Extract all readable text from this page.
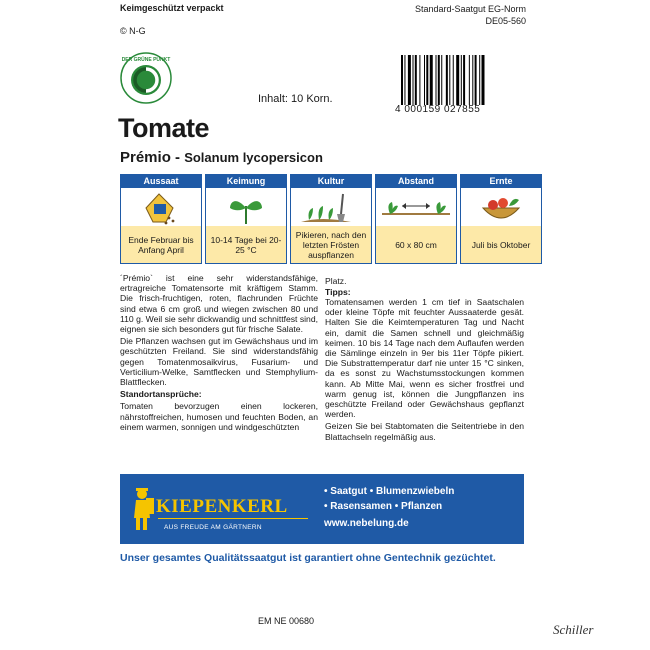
Keimgeschützt verpackt	Standard-Saatgut EG-Norm
DE05-560
© N-G
DER GRÜNE PUNKT
Inhalt: 10 Korn.
4 000159 027855
Tomate
Prémio - Solanum lycopersicon
Aussaat
Ende Februar bis Anfang April
Keimung
10-14 Tage bei 20-25 °C
Kultur
Pikieren, nach den letzten Frösten auspflanzen
Abstand
60 x 80 cm
Ernte
Juli bis Oktober

´Prémio` ist eine sehr widerstandsfähige, ertragreiche Tomatensorte mit kräftigem Stamm. Die frisch-fruchtigen, roten, flachrunden Früchte sind etwa 6 cm groß und wiegen zwischen 80 und 110 g. Weil sie sehr dickwandig und schnittfest sind, eignen sie sich besonders gut für frische Salate.

Die Pflanzen wachsen gut im Gewächshaus und im geschützten Freiland. Sie sind widerstandsfähig gegen Tomatenmosaikvirus, Fusarium- und Verticilium-Welke, Samtflecken und Stemphylium-Blattflecken.

Standortansprüche:

Tomaten bevorzugen einen lockeren, nährstoffreichen, humosen und feuchten Boden, an einem warmen, sonnigen und windgeschützten

Platz.
Tipps:

Tomatensamen werden 1 cm tief in Saatschalen oder kleine Töpfe mit feuchter Aussaaterde gesät. Halten Sie die Keimtemperaturen Tag und Nacht ein, damit die Samen schnell und gleichmäßig keimen. 10 bis 14 Tage nach dem Auflaufen werden die Sämlinge einzeln in 9er bis 11er Töpfe pikiert. Die Substrattemperatur darf nie unter 15 °C sinken, da es sonst zu Wachstumsstockungen kommen kann. Ab Mitte Mai, wenn es sicher frostfrei und warm genug ist, können die Jungpflanzen ins geschützte Freiland oder Gewächshaus gepflanzt werden.

Geizen Sie bei Stabtomaten die Seitentriebe in den Blattachseln regelmäßig aus.

KIEPENKERL
AUS FREUDE AM GÄRTNERN
• Saatgut • Blumenzwiebeln
• Rasensamen • Pflanzen
www.nebelung.de
Unser gesamtes Qualitätssaatgut ist garantiert ohne Gentechnik gezüchtet.
EM NE 00680
Schiller
